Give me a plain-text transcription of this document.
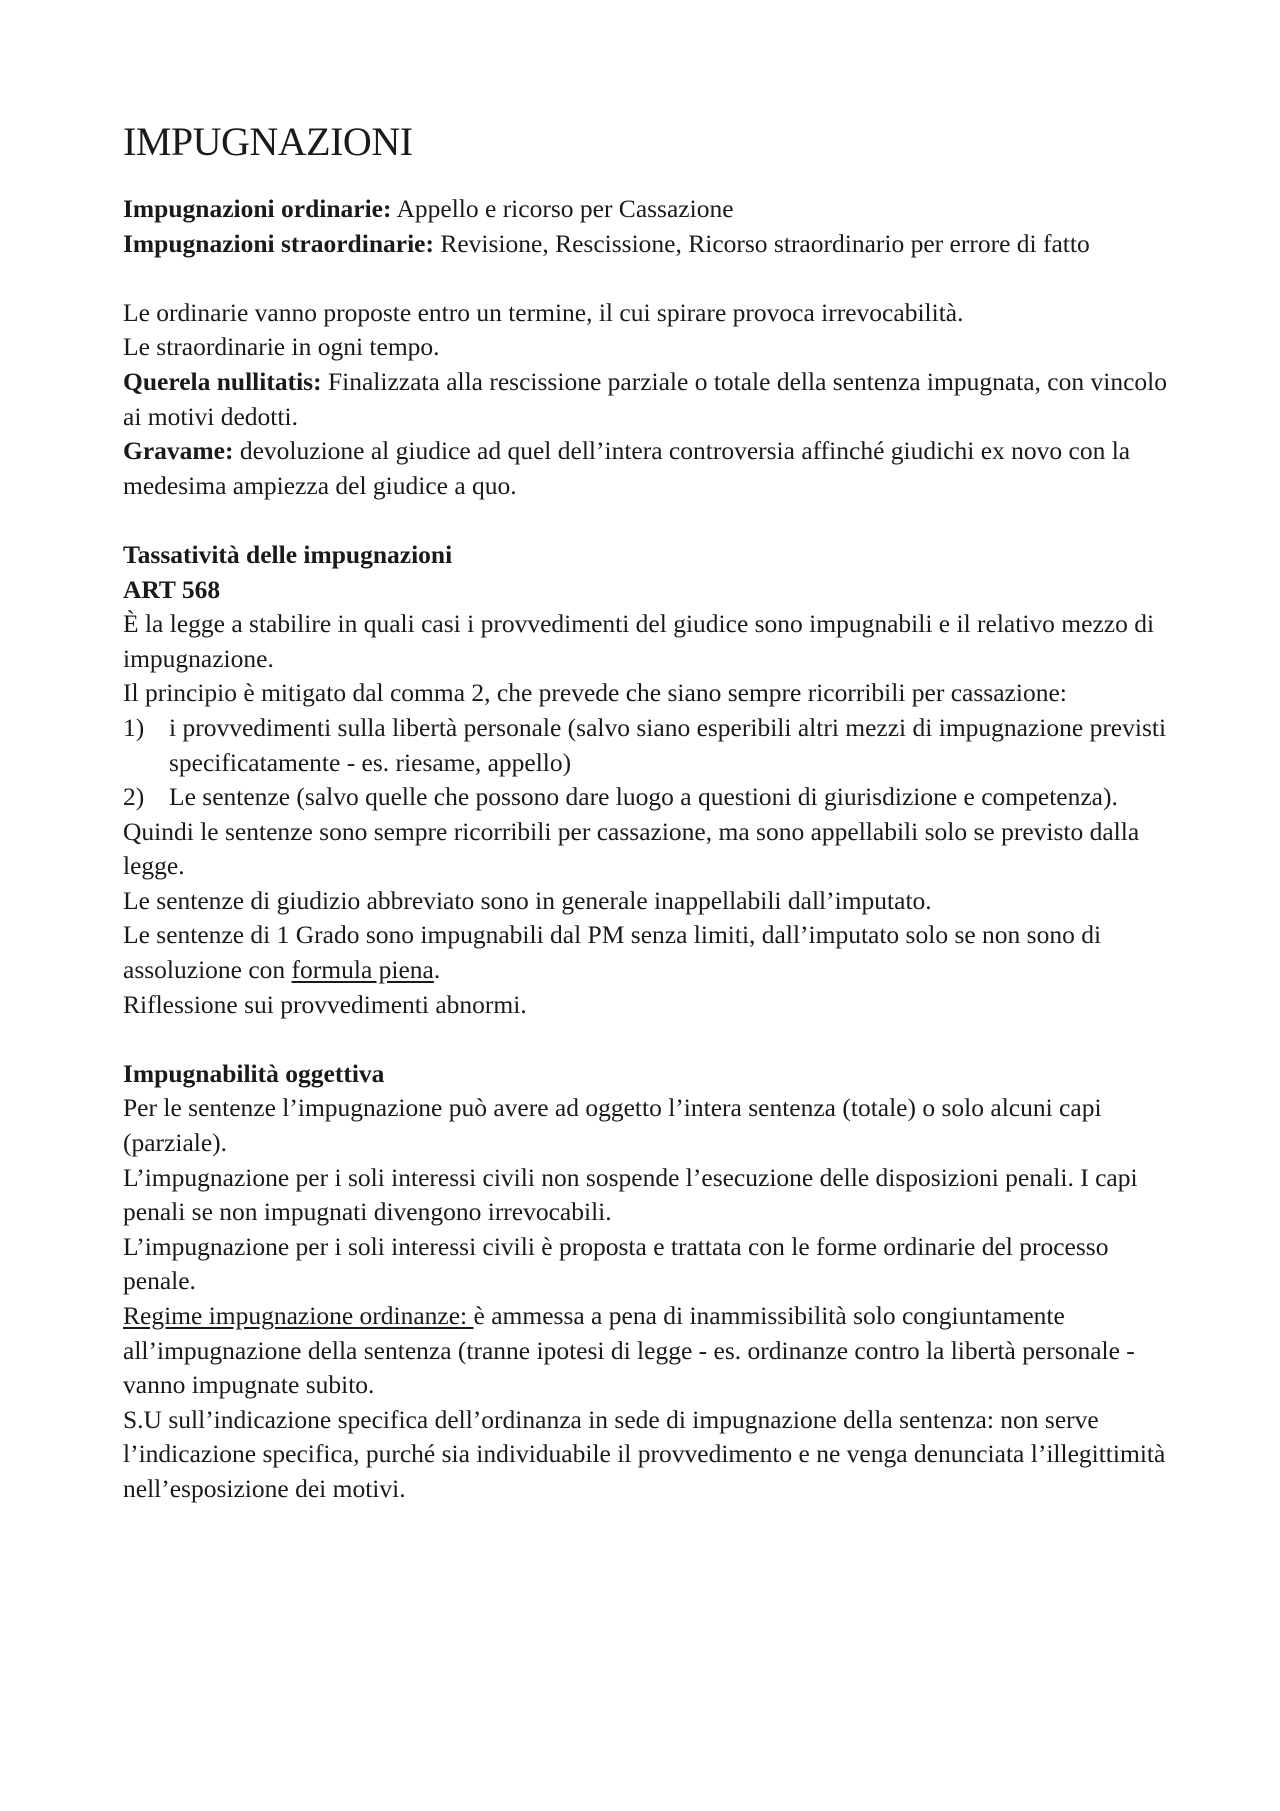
IMPUGNAZIONI

Impugnazioni ordinarie: Appello e ricorso per Cassazione

Impugnazioni straordinarie: Revisione, Rescissione, Ricorso straordinario per errore di fatto

Le ordinarie vanno proposte entro un termine, il cui spirare provoca irrevocabilità.

Le straordinarie in ogni tempo.

Querela nullitatis: Finalizzata alla rescissione parziale o totale della sentenza impugnata, con vincolo ai motivi dedotti.

Gravame: devoluzione al giudice ad quel dell’intera controversia affinché giudichi ex novo con la medesima ampiezza del giudice a quo.

Tassatività delle impugnazioni

ART 568

È la legge a stabilire in quali casi i provvedimenti del giudice sono impugnabili e il relativo mezzo di impugnazione.

Il principio è mitigato dal comma 2, che prevede che siano sempre ricorribili per cassazione:

1) i provvedimenti sulla libertà personale (salvo siano esperibili altri mezzi di impugnazione previsti specificatamente - es. riesame, appello)
2) Le sentenze (salvo quelle che possono dare luogo a questioni di giurisdizione e competenza).

Quindi le sentenze sono sempre ricorribili per cassazione, ma sono appellabili solo se previsto dalla legge.

Le sentenze di giudizio abbreviato sono in generale inappellabili dall’imputato.

Le sentenze di 1 Grado sono impugnabili dal PM senza limiti, dall’imputato solo se non sono di assoluzione con formula piena.

Riflessione sui provvedimenti abnormi.

Impugnabilità oggettiva

Per le sentenze l’impugnazione può avere ad oggetto l’intera sentenza (totale) o solo alcuni capi (parziale).

L’impugnazione per i soli interessi civili non sospende l’esecuzione delle disposizioni penali. I capi penali se non impugnati divengono irrevocabili.

L’impugnazione per i soli interessi civili è proposta e trattata con le forme ordinarie del processo penale.

Regime impugnazione ordinanze: è ammessa a pena di inammissibilità solo congiuntamente all’impugnazione della sentenza (tranne ipotesi di legge - es. ordinanze contro la libertà personale - vanno impugnate subito.

S.U sull’indicazione specifica dell’ordinanza in sede di impugnazione della sentenza: non serve l’indicazione specifica, purché sia individuabile il provvedimento e ne venga denunciata l’illegittimità nell’esposizione dei motivi.
